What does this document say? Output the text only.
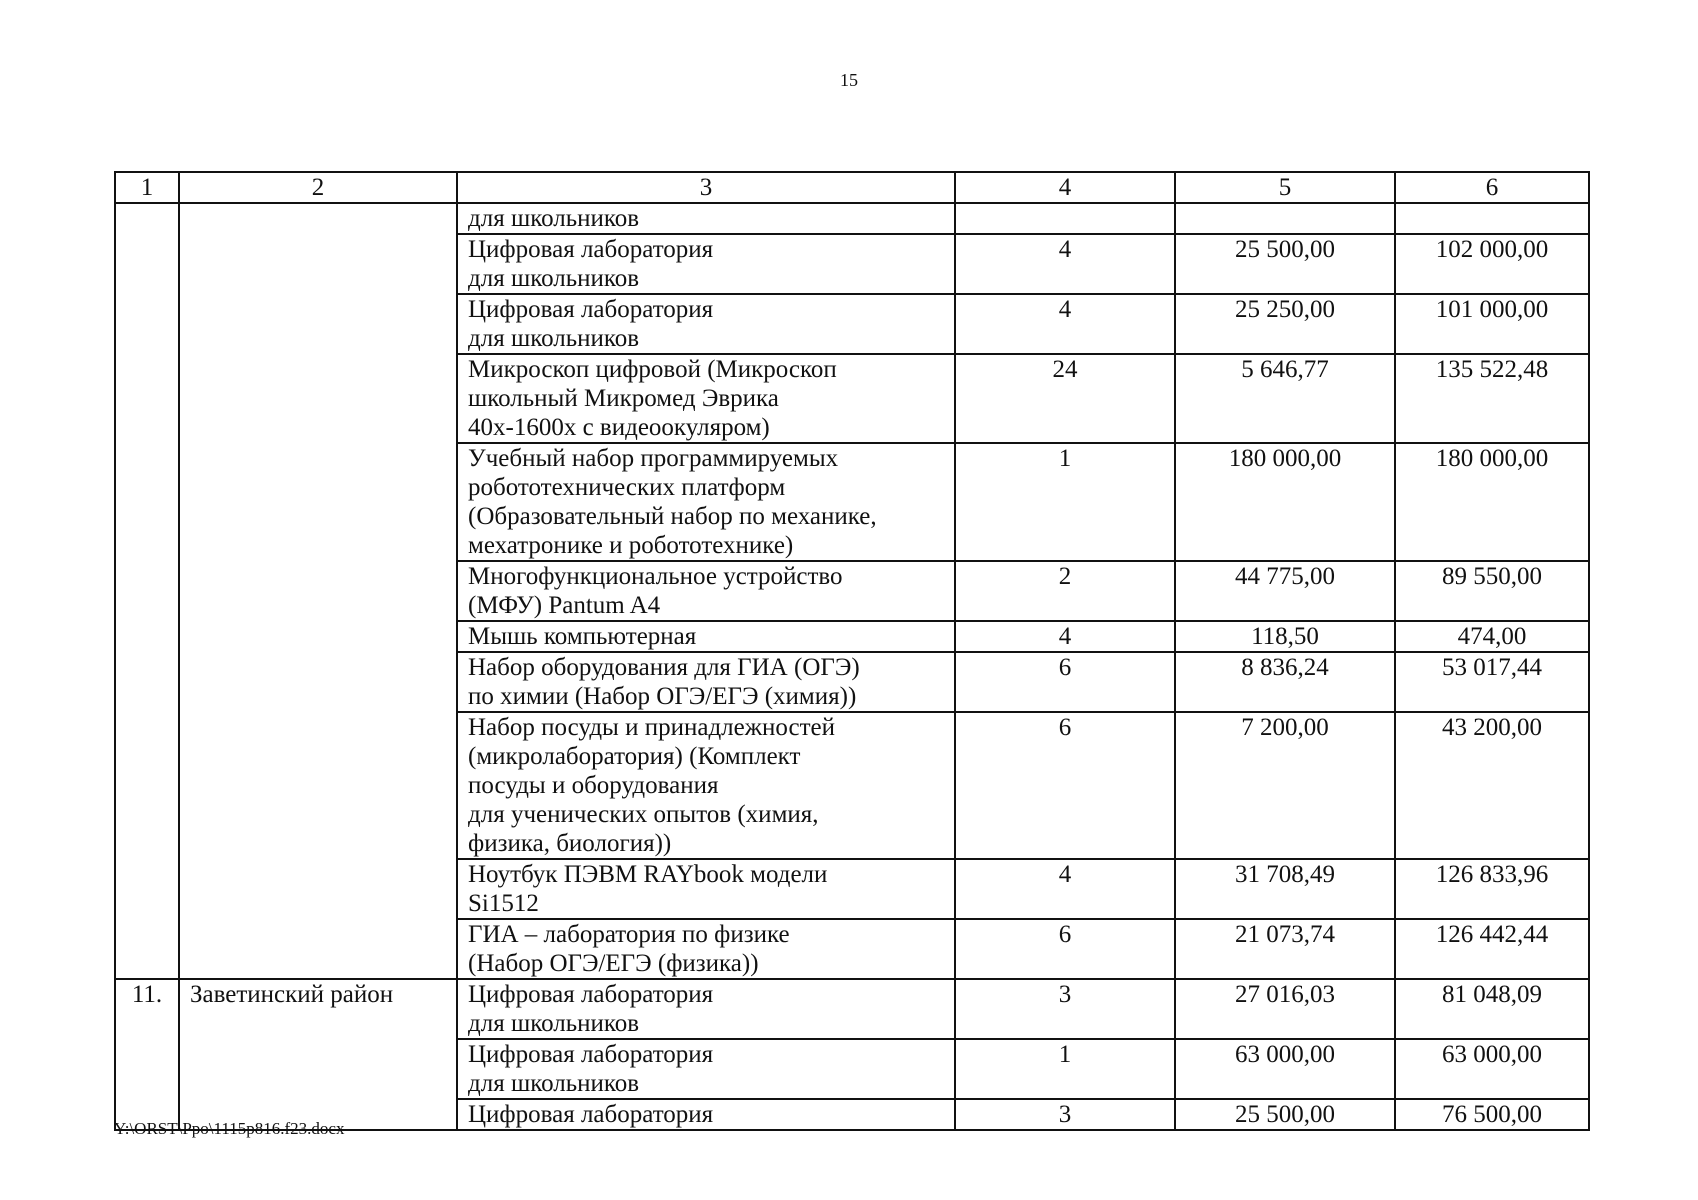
15
1	2	3	4	5	6
		для школьников			
		Цифровая лаборатория
для школьников	4	25 500,00	102 000,00
		Цифровая лаборатория
для школьников	4	25 250,00	101 000,00
		Микроскоп цифровой (Микроскоп
школьный Микромед Эврика
40х-1600х с видеоокуляром)	24	5 646,77	135 522,48
		Учебный набор программируемых
робототехнических платформ
(Образовательный набор по механике,
мехатронике и робототехнике)	1	180 000,00	180 000,00
		Многофункциональное устройство
(МФУ) Pantum A4	2	44 775,00	89 550,00
		Мышь компьютерная	4	118,50	474,00
		Набор оборудования для ГИА (ОГЭ)
по химии (Набор ОГЭ/ЕГЭ (химия))	6	8 836,24	53 017,44
		Набор посуды и принадлежностей
(микролаборатория) (Комплект
посуды и оборудования
для ученических опытов (химия,
физика, биология))	6	7 200,00	43 200,00
		Ноутбук ПЭВМ RAYbook модели
Si1512	4	31 708,49	126 833,96
		ГИА – лаборатория по физике
(Набор ОГЭ/ЕГЭ (физика))	6	21 073,74	126 442,44
11.	Заветинский район	Цифровая лаборатория
для школьников	3	27 016,03	81 048,09
		Цифровая лаборатория
для школьников	1	63 000,00	63 000,00
		Цифровая лаборатория	3	25 500,00	76 500,00
Y:\ORST\Ppo\1115p816.f23.docx
